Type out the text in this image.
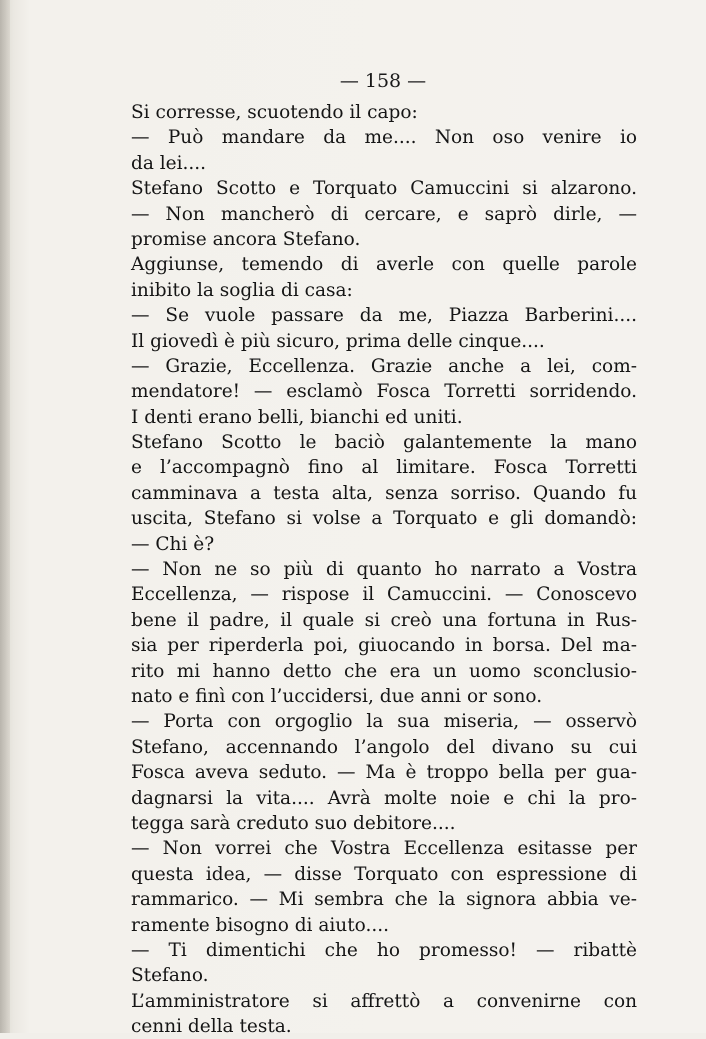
— 158 —
Si corresse, scuotendo il capo:
— Può mandare da me.... Non oso venire io
da lei....
Stefano Scotto e Torquato Camuccini si alzarono.
— Non mancherò di cercare, e saprò dirle, —
promise ancora Stefano.
Aggiunse, temendo di averle con quelle parole
inibito la soglia di casa:
— Se vuole passare da me, Piazza Barberini....
Il giovedì è più sicuro, prima delle cinque....
— Grazie, Eccellenza. Grazie anche a lei, com-
mendatore! — esclamò Fosca Torretti sorridendo.
I denti erano belli, bianchi ed uniti.
Stefano Scotto le baciò galantemente la mano
e l’accompagnò fino al limitare. Fosca Torretti
camminava a testa alta, senza sorriso. Quando fu
uscita, Stefano si volse a Torquato e gli domandò:
— Chi è?
— Non ne so più di quanto ho narrato a Vostra
Eccellenza, — rispose il Camuccini. — Conoscevo
bene il padre, il quale si creò una fortuna in Rus-
sia per riperderla poi, giuocando in borsa. Del ma-
rito mi hanno detto che era un uomo sconclusio-
nato e finì con l’uccidersi, due anni or sono.
— Porta con orgoglio la sua miseria, — osservò
Stefano, accennando l’angolo del divano su cui
Fosca aveva seduto. — Ma è troppo bella per gua-
dagnarsi la vita.... Avrà molte noie e chi la pro-
tegga sarà creduto suo debitore....
— Non vorrei che Vostra Eccellenza esitasse per
questa idea, — disse Torquato con espressione di
rammarico. — Mi sembra che la signora abbia ve-
ramente bisogno di aiuto....
— Ti dimentichi che ho promesso! — ribattè
Stefano.
L’amministratore si affrettò a convenirne con
cenni della testa.
